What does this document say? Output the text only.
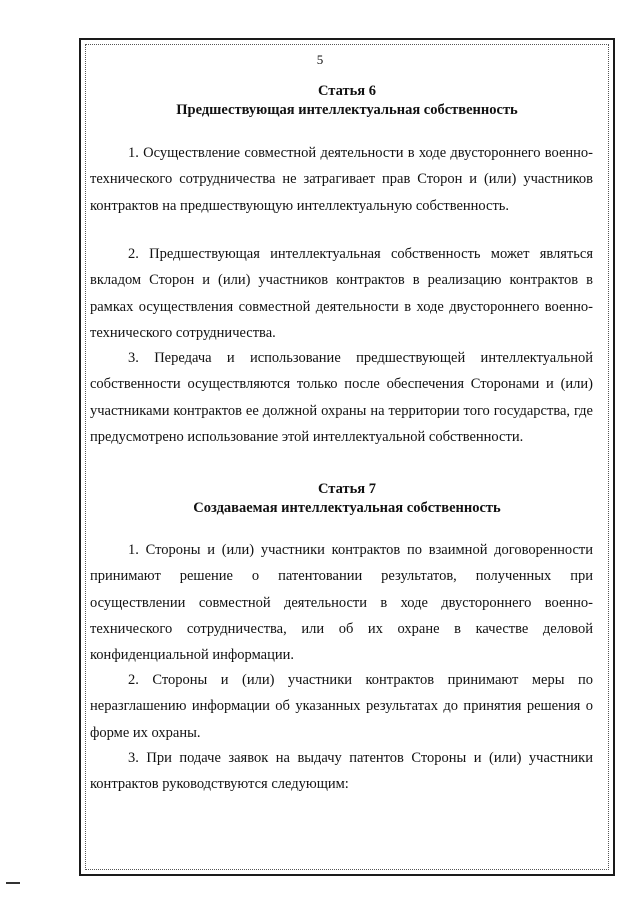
5
Статья 6
Предшествующая интеллектуальная собственность

1. Осуществление совместной деятельности в ходе двустороннего военно-технического сотрудничества не затрагивает прав Сторон и (или) участников контрактов на предшествующую интеллектуальную собственность.

2. Предшествующая интеллектуальная собственность может являться вкладом Сторон и (или) участников контрактов в реализацию контрактов в рамках осуществления совместной деятельности в ходе двустороннего военно-технического сотрудничества.

3. Передача и использование предшествующей интеллектуальной собственности осуществляются только после обеспечения Сторонами и (или) участниками контрактов ее должной охраны на территории того государства, где предусмотрено использование этой интеллектуальной собственности.

Статья 7
Создаваемая интеллектуальная собственность

1. Стороны и (или) участники контрактов по взаимной договоренности принимают решение о патентовании результатов, полученных при осуществлении совместной деятельности в ходе двустороннего военно-технического сотрудничества, или об их охране в качестве деловой конфиденциальной информации.

2. Стороны и (или) участники контрактов принимают меры по неразглашению информации об указанных результатах до принятия решения о форме их охраны.

3. При подаче заявок на выдачу патентов Стороны и (или) участники контрактов руководствуются следующим:
